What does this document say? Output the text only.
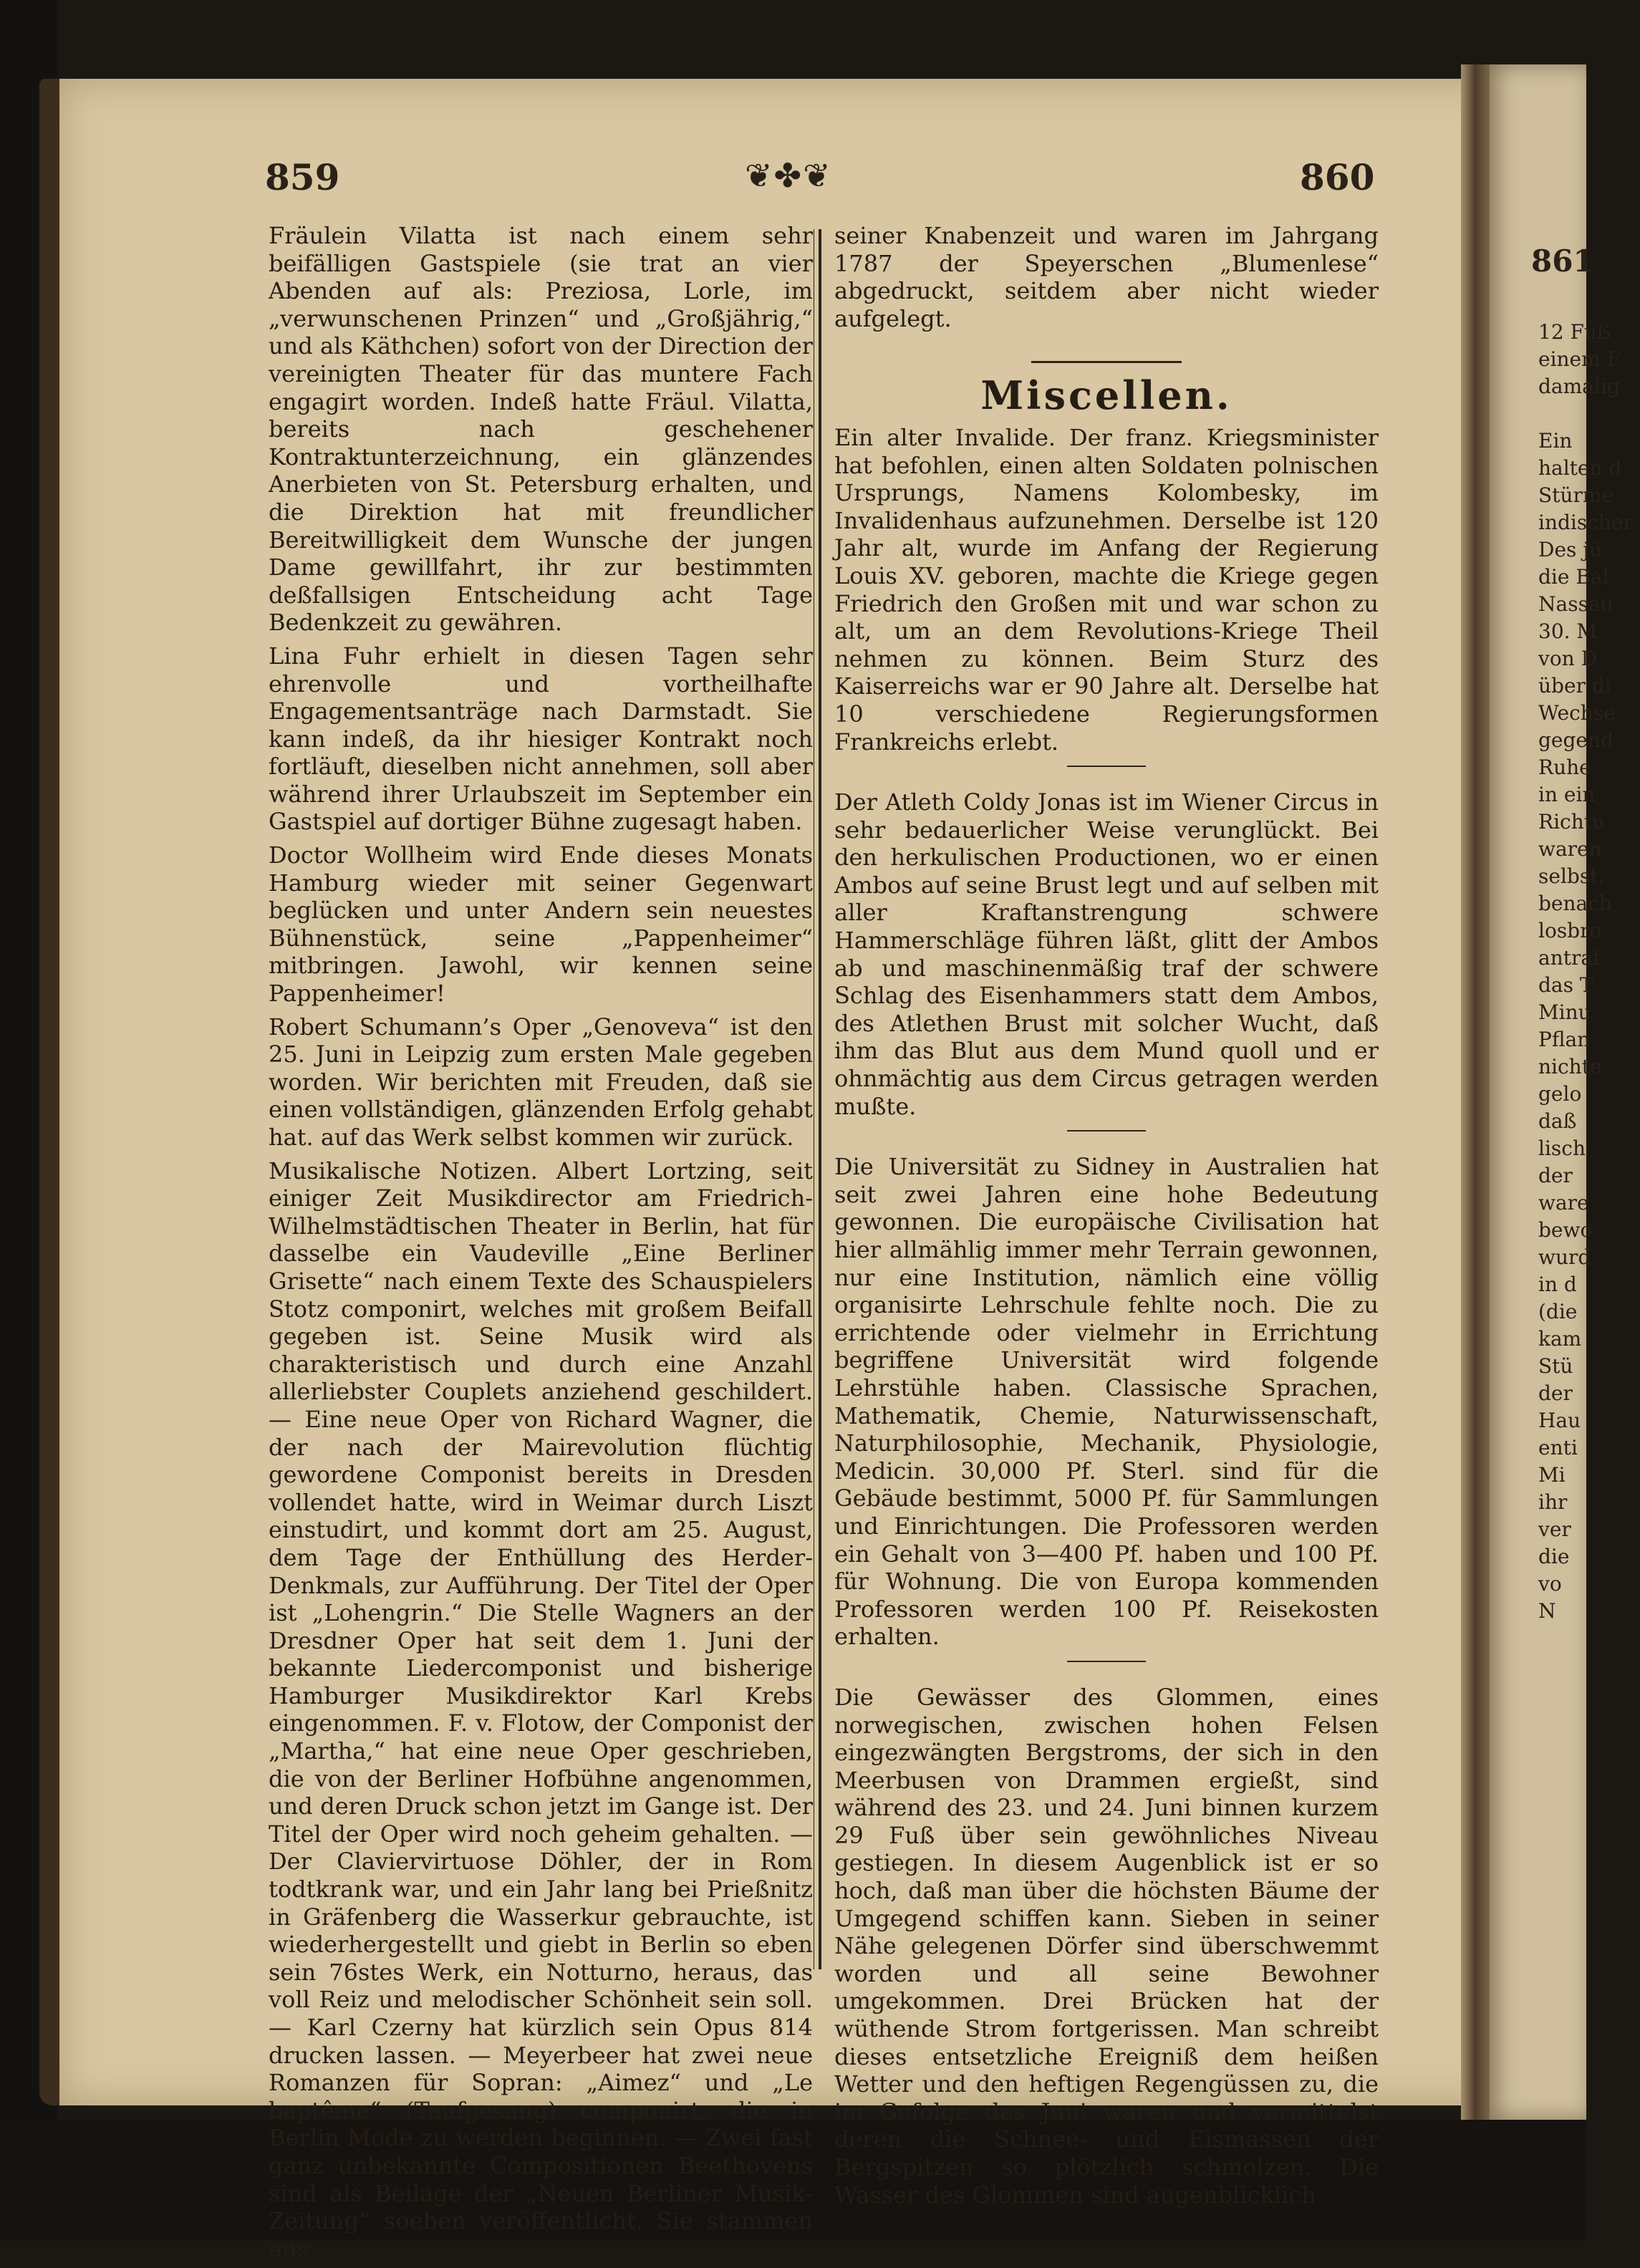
861
12 Fuß
einem F
damalig

Ein
halten d
Stürme
indischer
Des jü
die Bal
Nassau
30. M
von D
über di
Wechse
gegend
Ruhe
in ein
Richtu
waren
selbst,
benach
losbro
antraf
das T
Minu
Pflan
nichte
gelo
daß
lisch
der
ware
bewo
wurd
in d
(die
kam
Stü
der
Hau
enti
Mi
ihr
ver
die
vo
N
859	❦✤❦	860

Fräulein Vilatta ist nach einem sehr beifälligen Gastspiele (sie trat an vier Abenden auf als: Preziosa, Lorle, im „verwunschenen Prinzen“ und „Großjährig,“ und als Käthchen) sofort von der Direction der vereinigten Theater für das muntere Fach engagirt worden. Indeß hatte Fräul. Vilatta, bereits nach geschehener Kontraktunterzeichnung, ein glänzendes Anerbieten von St. Petersburg erhalten, und die Direktion hat mit freundlicher Bereitwilligkeit dem Wunsche der jungen Dame gewillfahrt, ihr zur bestimmten deßfallsigen Entscheidung acht Tage Bedenkzeit zu gewähren.

Lina Fuhr erhielt in diesen Tagen sehr ehrenvolle und vortheilhafte Engagementsanträge nach Darmstadt. Sie kann indeß, da ihr hiesiger Kontrakt noch fortläuft, dieselben nicht annehmen, soll aber während ihrer Urlaubszeit im September ein Gastspiel auf dortiger Bühne zugesagt haben.

Doctor Wollheim wird Ende dieses Monats Hamburg wieder mit seiner Gegenwart beglücken und unter Andern sein neuestes Bühnenstück, seine „Pappenheimer“ mitbringen. Jawohl, wir kennen seine Pappenheimer!

Robert Schumann’s Oper „Genoveva“ ist den 25. Juni in Leipzig zum ersten Male gegeben worden. Wir berichten mit Freuden, daß sie einen vollständigen, glänzenden Erfolg gehabt hat. auf das Werk selbst kommen wir zurück.

Musikalische Notizen. Albert Lortzing, seit einiger Zeit Musikdirector am Friedrich-Wilhelmstädtischen Theater in Berlin, hat für dasselbe ein Vaudeville „Eine Berliner Grisette“ nach einem Texte des Schauspielers Stotz componirt, welches mit großem Beifall gegeben ist. Seine Musik wird als charakteristisch und durch eine Anzahl allerliebster Couplets anziehend geschildert. — Eine neue Oper von Richard Wagner, die der nach der Mairevolution flüchtig gewordene Componist bereits in Dresden vollendet hatte, wird in Weimar durch Liszt einstudirt, und kommt dort am 25. August, dem Tage der Enthüllung des Herder-Denkmals, zur Aufführung. Der Titel der Oper ist „Lohengrin.“ Die Stelle Wagners an der Dresdner Oper hat seit dem 1. Juni der bekannte Liedercomponist und bisherige Hamburger Musikdirektor Karl Krebs eingenommen. F. v. Flotow, der Componist der „Martha,“ hat eine neue Oper geschrieben, die von der Berliner Hofbühne angenommen, und deren Druck schon jetzt im Gange ist. Der Titel der Oper wird noch geheim gehalten. — Der Claviervirtuose Döhler, der in Rom todtkrank war, und ein Jahr lang bei Prießnitz in Gräfenberg die Wasserkur gebrauchte, ist wiederhergestellt und giebt in Berlin so eben sein 76stes Werk, ein Notturno, heraus, das voll Reiz und melodischer Schönheit sein soll. — Karl Czerny hat kürzlich sein Opus 814 drucken lassen. — Meyerbeer hat zwei neue Romanzen für Sopran: „Aimez“ und „Le baptême“ (Taufgesang) componirt, die in Berlin Mode zu werden beginnen. — Zwei fast ganz unbekannte Compositionen Beethovens sind als Beilage der „Neuen Berliner Musik-Zeitung“ soeben veröffentlicht. Sie stammen aus

seiner Knabenzeit und waren im Jahrgang 1787 der Speyerschen „Blumenlese“ abgedruckt, seitdem aber nicht wieder aufgelegt.

Miscellen.

Ein alter Invalide. Der franz. Kriegsminister hat befohlen, einen alten Soldaten polnischen Ursprungs, Namens Kolombesky, im Invalidenhaus aufzunehmen. Derselbe ist 120 Jahr alt, wurde im Anfang der Regierung Louis XV. geboren, machte die Kriege gegen Friedrich den Großen mit und war schon zu alt, um an dem Revolutions-Kriege Theil nehmen zu können. Beim Sturz des Kaiserreichs war er 90 Jahre alt. Derselbe hat 10 verschiedene Regierungsformen Frankreichs erlebt.

Der Atleth Coldy Jonas ist im Wiener Circus in sehr bedauerlicher Weise verunglückt. Bei den herkulischen Productionen, wo er einen Ambos auf seine Brust legt und auf selben mit aller Kraftanstrengung schwere Hammerschläge führen läßt, glitt der Ambos ab und maschinenmäßig traf der schwere Schlag des Eisenhammers statt dem Ambos, des Atlethen Brust mit solcher Wucht, daß ihm das Blut aus dem Mund quoll und er ohnmächtig aus dem Circus getragen werden mußte.

Die Universität zu Sidney in Australien hat seit zwei Jahren eine hohe Bedeutung gewonnen. Die europäische Civilisation hat hier allmählig immer mehr Terrain gewonnen, nur eine Institution, nämlich eine völlig organisirte Lehrschule fehlte noch. Die zu errichtende oder vielmehr in Errichtung begriffene Universität wird folgende Lehrstühle haben. Classische Sprachen, Mathematik, Chemie, Naturwissenschaft, Naturphilosophie, Mechanik, Physiologie, Medicin. 30,000 Pf. Sterl. sind für die Gebäude bestimmt, 5000 Pf. für Sammlungen und Einrichtungen. Die Professoren werden ein Gehalt von 3—400 Pf. haben und 100 Pf. für Wohnung. Die von Europa kommenden Professoren werden 100 Pf. Reisekosten erhalten.

Die Gewässer des Glommen, eines norwegischen, zwischen hohen Felsen eingezwängten Bergstroms, der sich in den Meerbusen von Drammen ergießt, sind während des 23. und 24. Juni binnen kurzem 29 Fuß über sein gewöhnliches Niveau gestiegen. In diesem Augenblick ist er so hoch, daß man über die höchsten Bäume der Umgegend schiffen kann. Sieben in seiner Nähe gelegenen Dörfer sind überschwemmt worden und all seine Bewohner umgekommen. Drei Brücken hat der wüthende Strom fortgerissen. Man schreibt dieses entsetzliche Ereigniß dem heißen Wetter und den heftigen Regengüssen zu, die im Gefolge des Juni waren und vermittelst deren die Schnee- und Eismassen der Bergspitzen so plötzlich schmolzen. Die Wasser des Glommen sind augenblicklich
